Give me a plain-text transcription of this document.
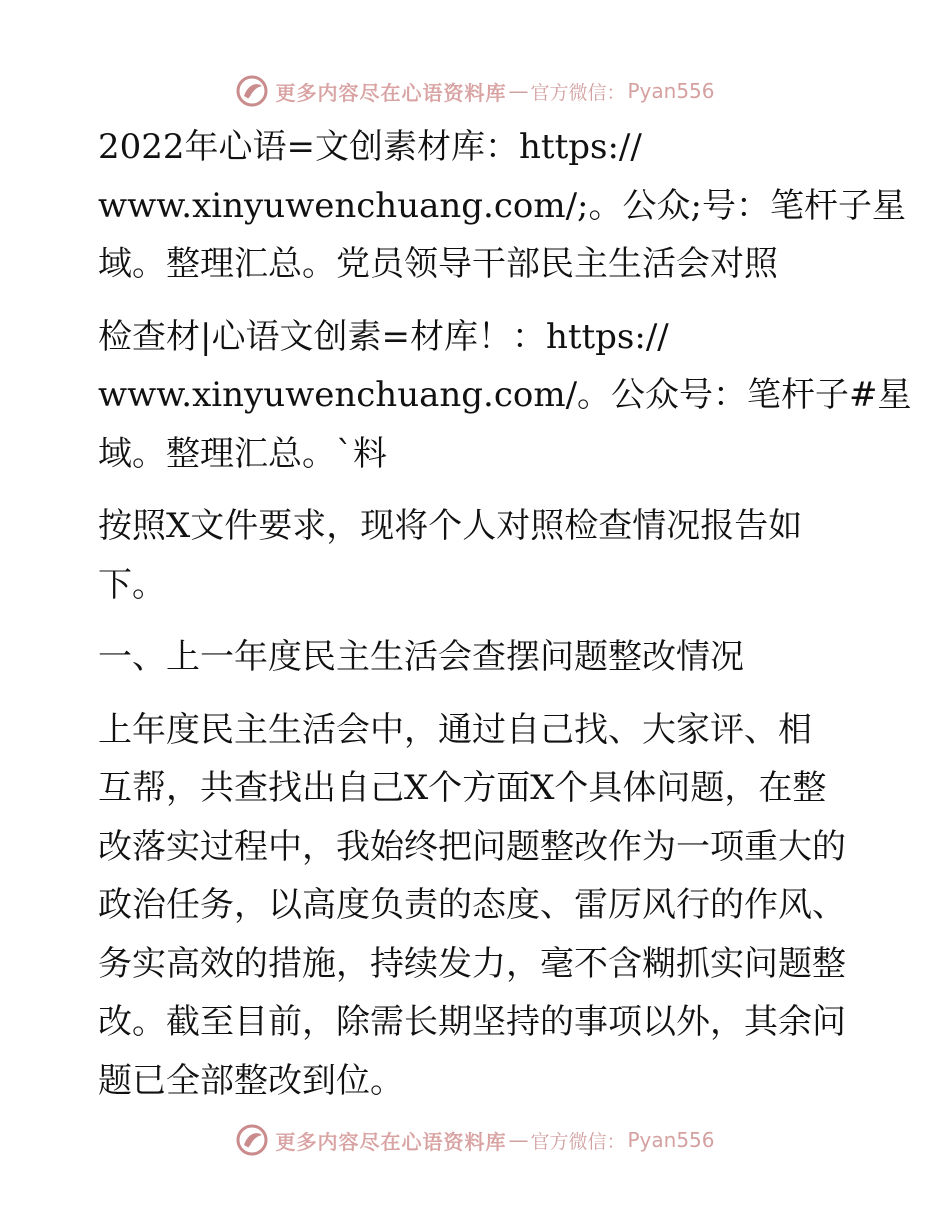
更多内容尽在心语资料库 — 官方微信： Pyan556

2022年心语=文创素材库：https://
www.xinyuwenchuang.com/;。公众;号：笔杆子星
域。整理汇总。党员领导干部民主生活会对照

检查材|心语文创素=材库！：https://
www.xinyuwenchuang.com/。公众号：笔杆子#星
域。整理汇总。`料

按照X文件要求，现将个人对照检查情况报告如
下。

一、上一年度民主生活会查摆问题整改情况

上年度民主生活会中，通过自己找、大家评、相
互帮，共查找出自己X个方面X个具体问题，在整
改落实过程中，我始终把问题整改作为一项重大的
政治任务，以高度负责的态度、雷厉风行的作风、
务实高效的措施，持续发力，毫不含糊抓实问题整
改。截至目前，除需长期坚持的事项以外，其余问
题已全部整改到位。

更多内容尽在心语资料库 — 官方微信： Pyan556
